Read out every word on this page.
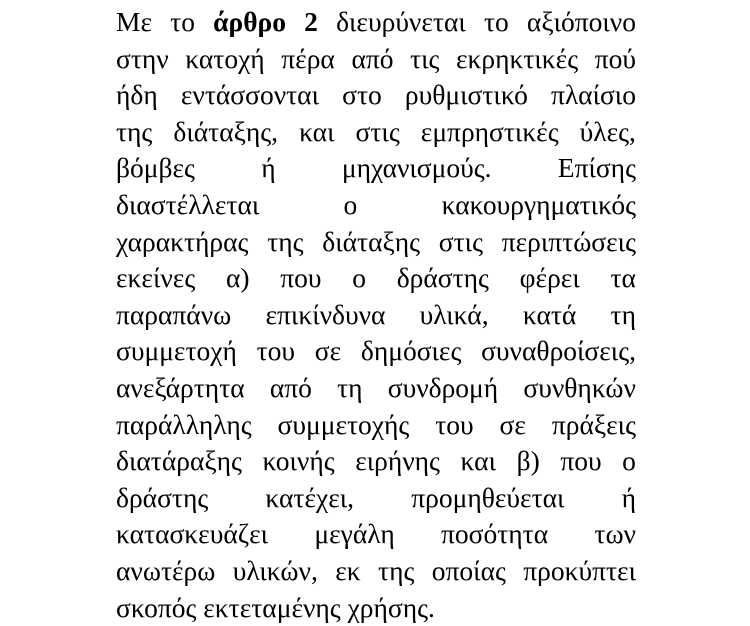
Με το άρθρο 2 διευρύνεται το αξιόποινο
στην κατοχή πέρα από τις εκρηκτικές πού
ήδη εντάσσονται στο ρυθμιστικό πλαίσιο
της διάταξης, και στις εμπρηστικές ύλες,
βόμβες ή μηχανισμούς. Επίσης
διαστέλλεται	ο	κακουργηματικός
χαρακτήρας της διάταξης στις περιπτώσεις
εκείνες α) που ο δράστης φέρει τα
παραπάνω επικίνδυνα υλικά, κατά τη
συμμετοχή του σε δημόσιες συναθροίσεις,
ανεξάρτητα από τη συνδρομή συνθηκών
παράλληλης συμμετοχής του σε πράξεις
διατάραξης κοινής ειρήνης και β) που ο
δράστης κατέχει, προμηθεύεται ή
κατασκευάζει μεγάλη ποσότητα των
ανωτέρω υλικών, εκ της οποίας προκύπτει
σκοπός εκτεταμένης χρήσης.
